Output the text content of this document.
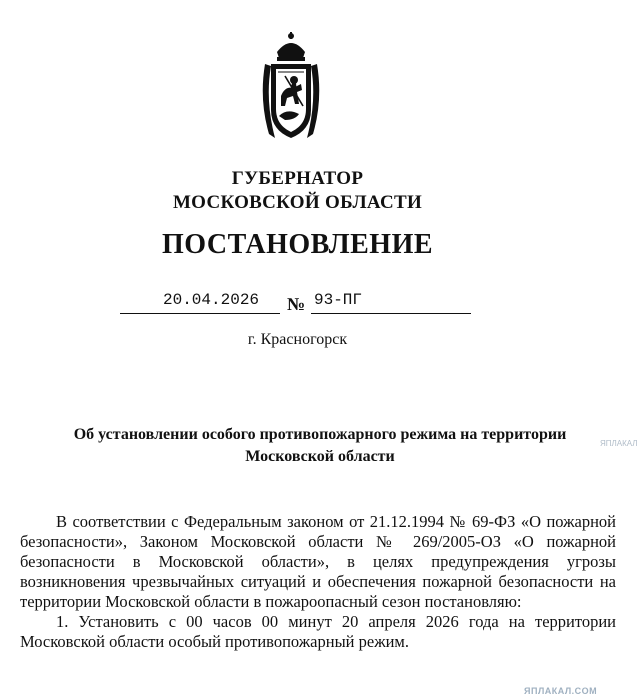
ГУБЕРНАТОР
МОСКОВСКОЙ ОБЛАСТИ
ПОСТАНОВЛЕНИЕ
20.04.2026 № 93-ПГ
г. Красногорск
Об установлении особого противопожарного режима на территории
Московской области

В соответствии с Федеральным законом от 21.12.1994 № 69-ФЗ «О пожарной безопасности», Законом Московской области № 269/2005-ОЗ «О пожарной безопасности в Московской области», в целях предупреждения угрозы возникновения чрезвычайных ситуаций и обеспечения пожарной безопасности на территории Московской области в пожароопасный сезон постановляю:

1. Установить с 00 часов 00 минут 20 апреля 2026 года на территории Московской области особый противопожарный режим.

ЯПЛАКАЛ
ЯПЛАКАЛ.COM
